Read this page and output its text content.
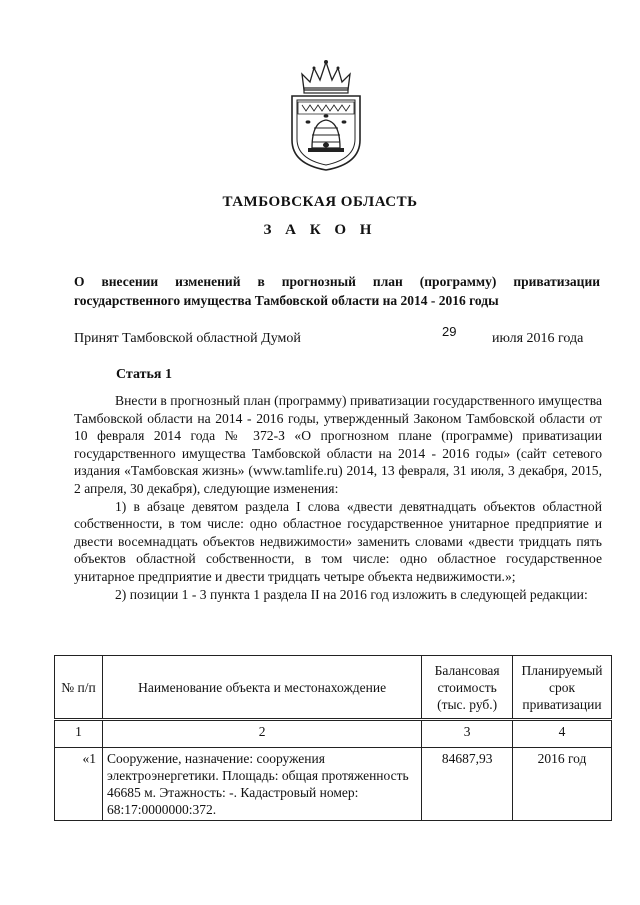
ТАМБОВСКАЯ ОБЛАСТЬ
З А К О Н
О внесении изменений в прогнозный план (программу) приватизации
государственного имущества Тамбовской области на 2014 - 2016 годы
Принят Тамбовской областной Думой	29	июля 2016 года
Статья 1

Внести в прогнозный план (программу) приватизации государственного имущества Тамбовской области на 2014 - 2016 годы, утвержденный Законом Тамбовской области от 10 февраля 2014 года № 372-З «О прогнозном плане (программе) приватизации государственного имущества Тамбовской области на 2014 - 2016 годы» (сайт сетевого издания «Тамбовская жизнь» (www.tamlife.ru) 2014, 13 февраля, 31 июля, 3 декабря, 2015, 2 апреля, 30 декабря), следующие изменения:

1) в абзаце девятом раздела I слова «двести девятнадцать объектов областной собственности, в том числе: одно областное государственное унитарное предприятие и двести восемнадцать объектов недвижимости» заменить словами «двести тридцать пять объектов областной собственности, в том числе: одно областное государственное унитарное предприятие и двести тридцать четыре объекта недвижимости.»;

2) позиции 1 - 3 пункта 1 раздела II на 2016 год изложить в следующей редакции:

№ п/п	Наименование объекта и местонахождение	Балансовая стоимость (тыс. руб.)	Планируемый срок приватизации
1	2	3	4
«1	Сооружение, назначение: сооружения электроэнергетики. Площадь: общая протяженность 46685 м. Этажность: -. Кадастровый номер: 68:17:0000000:372.	84687,93	2016 год
